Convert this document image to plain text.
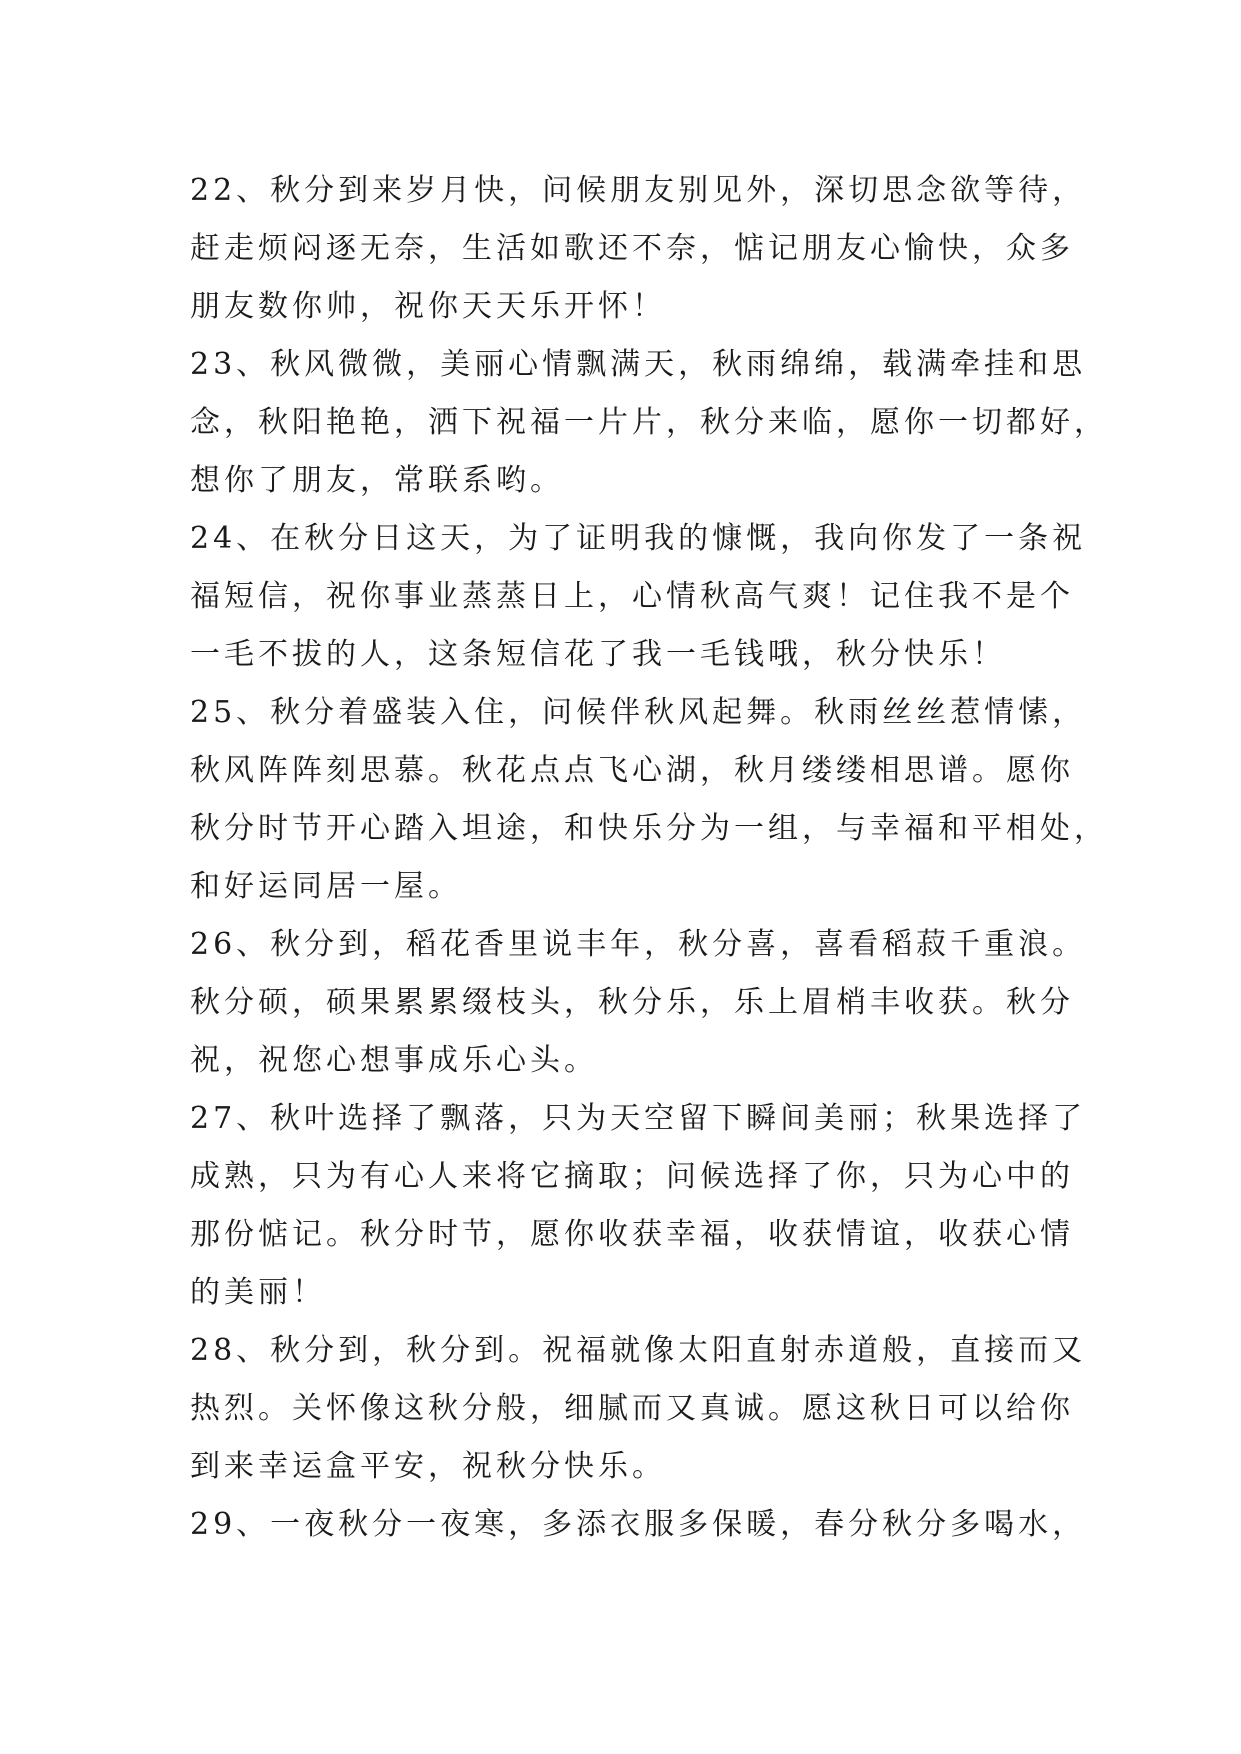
22、秋分到来岁月快，问候朋友别见外，深切思念欲等待，
赶走烦闷逐无奈，生活如歌还不奈，惦记朋友心愉快，众多
朋友数你帅，祝你天天乐开怀！
23、秋风微微，美丽心情飘满天，秋雨绵绵，载满牵挂和思
念，秋阳艳艳，洒下祝福一片片，秋分来临，愿你一切都好，
想你了朋友，常联系哟。
24、在秋分日这天，为了证明我的慷慨，我向你发了一条祝
福短信，祝你事业蒸蒸日上，心情秋高气爽！记住我不是个
一毛不拔的人，这条短信花了我一毛钱哦，秋分快乐！
25、秋分着盛装入住，问候伴秋风起舞。秋雨丝丝惹情愫，
秋风阵阵刻思慕。秋花点点飞心湖，秋月缕缕相思谱。愿你
秋分时节开心踏入坦途，和快乐分为一组，与幸福和平相处，
和好运同居一屋。
26、秋分到，稻花香里说丰年，秋分喜，喜看稻菽千重浪。
秋分硕，硕果累累缀枝头，秋分乐，乐上眉梢丰收获。秋分
祝，祝您心想事成乐心头。
27、秋叶选择了飘落，只为天空留下瞬间美丽；秋果选择了
成熟，只为有心人来将它摘取；问候选择了你，只为心中的
那份惦记。秋分时节，愿你收获幸福，收获情谊，收获心情
的美丽！
28、秋分到，秋分到。祝福就像太阳直射赤道般，直接而又
热烈。关怀像这秋分般，细腻而又真诚。愿这秋日可以给你
到来幸运盒平安，祝秋分快乐。
29、一夜秋分一夜寒，多添衣服多保暖，春分秋分多喝水，
